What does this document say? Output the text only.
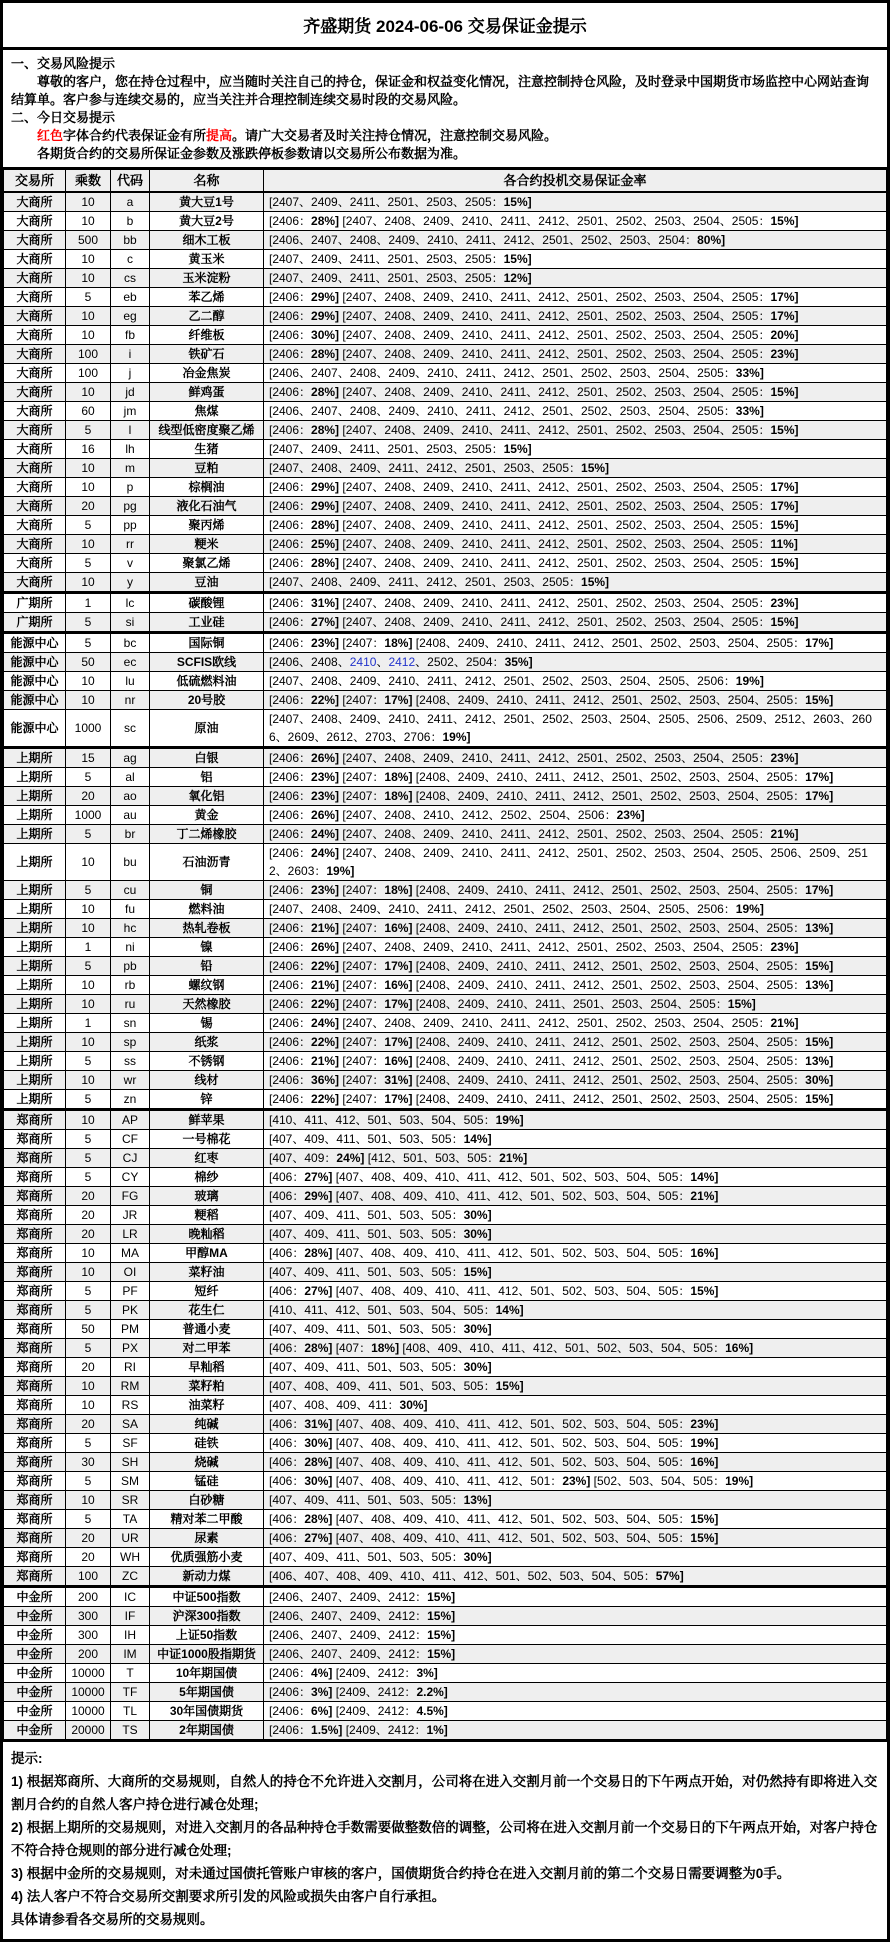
齐盛期货 2024-06-06 交易保证金提示

一、交易风险提示

尊敬的客户，您在持仓过程中，应当随时关注自己的持仓，保证金和权益变化情况，注意控制持仓风险，及时登录中国期货市场监控中心网站查询结算单。客户参与连续交易的，应当关注并合理控制连续交易时段的交易风险。

二、今日交易提示

红色字体合约代表保证金有所提高。请广大交易者及时关注持仓情况，注意控制交易风险。

各期货合约的交易所保证金参数及涨跌停板参数请以交易所公布数据为准。

交易所	乘数	代码	名称	各合约投机交易保证金率
大商所	10	a	黄大豆1号	[2407、2409、2411、2501、2503、2505：15%]
大商所	10	b	黄大豆2号	[2406：28%] [2407、2408、2409、2410、2411、2412、2501、2502、2503、2504、2505：15%]
大商所	500	bb	细木工板	[2406、2407、2408、2409、2410、2411、2412、2501、2502、2503、2504：80%]
大商所	10	c	黄玉米	[2407、2409、2411、2501、2503、2505：15%]
大商所	10	cs	玉米淀粉	[2407、2409、2411、2501、2503、2505：12%]
大商所	5	eb	苯乙烯	[2406：29%] [2407、2408、2409、2410、2411、2412、2501、2502、2503、2504、2505：17%]
大商所	10	eg	乙二醇	[2406：29%] [2407、2408、2409、2410、2411、2412、2501、2502、2503、2504、2505：17%]
大商所	10	fb	纤维板	[2406：30%] [2407、2408、2409、2410、2411、2412、2501、2502、2503、2504、2505：20%]
大商所	100	i	铁矿石	[2406：28%] [2407、2408、2409、2410、2411、2412、2501、2502、2503、2504、2505：23%]
大商所	100	j	冶金焦炭	[2406、2407、2408、2409、2410、2411、2412、2501、2502、2503、2504、2505：33%]
大商所	10	jd	鲜鸡蛋	[2406：28%] [2407、2408、2409、2410、2411、2412、2501、2502、2503、2504、2505：15%]
大商所	60	jm	焦煤	[2406、2407、2408、2409、2410、2411、2412、2501、2502、2503、2504、2505：33%]
大商所	5	l	线型低密度聚乙烯	[2406：28%] [2407、2408、2409、2410、2411、2412、2501、2502、2503、2504、2505：15%]
大商所	16	lh	生猪	[2407、2409、2411、2501、2503、2505：15%]
大商所	10	m	豆粕	[2407、2408、2409、2411、2412、2501、2503、2505：15%]
大商所	10	p	棕榈油	[2406：29%] [2407、2408、2409、2410、2411、2412、2501、2502、2503、2504、2505：17%]
大商所	20	pg	液化石油气	[2406：29%] [2407、2408、2409、2410、2411、2412、2501、2502、2503、2504、2505：17%]
大商所	5	pp	聚丙烯	[2406：28%] [2407、2408、2409、2410、2411、2412、2501、2502、2503、2504、2505：15%]
大商所	10	rr	粳米	[2406：25%] [2407、2408、2409、2410、2411、2412、2501、2502、2503、2504、2505：11%]
大商所	5	v	聚氯乙烯	[2406：28%] [2407、2408、2409、2410、2411、2412、2501、2502、2503、2504、2505：15%]
大商所	10	y	豆油	[2407、2408、2409、2411、2412、2501、2503、2505：15%]
广期所	1	lc	碳酸锂	[2406：31%] [2407、2408、2409、2410、2411、2412、2501、2502、2503、2504、2505：23%]
广期所	5	si	工业硅	[2406：27%] [2407、2408、2409、2410、2411、2412、2501、2502、2503、2504、2505：15%]
能源中心	5	bc	国际铜	[2406：23%] [2407：18%] [2408、2409、2410、2411、2412、2501、2502、2503、2504、2505：17%]
能源中心	50	ec	SCFIS欧线	[2406、2408、2410、2412、2502、2504：35%]
能源中心	10	lu	低硫燃料油	[2407、2408、2409、2410、2411、2412、2501、2502、2503、2504、2505、2506：19%]
能源中心	10	nr	20号胶	[2406：22%] [2407：17%] [2408、2409、2410、2411、2412、2501、2502、2503、2504、2505：15%]
能源中心	1000	sc	原油	[2407、2408、2409、2410、2411、2412、2501、2502、2503、2504、2505、2506、2509、2512、2603、2606、2609、2612、2703、2706：19%]
上期所	15	ag	白银	[2406：26%] [2407、2408、2409、2410、2411、2412、2501、2502、2503、2504、2505：23%]
上期所	5	al	铝	[2406：23%] [2407：18%] [2408、2409、2410、2411、2412、2501、2502、2503、2504、2505：17%]
上期所	20	ao	氧化铝	[2406：23%] [2407：18%] [2408、2409、2410、2411、2412、2501、2502、2503、2504、2505：17%]
上期所	1000	au	黄金	[2406：26%] [2407、2408、2410、2412、2502、2504、2506：23%]
上期所	5	br	丁二烯橡胶	[2406：24%] [2407、2408、2409、2410、2411、2412、2501、2502、2503、2504、2505：21%]
上期所	10	bu	石油沥青	[2406：24%] [2407、2408、2409、2410、2411、2412、2501、2502、2503、2504、2505、2506、2509、2512、2603：19%]
上期所	5	cu	铜	[2406：23%] [2407：18%] [2408、2409、2410、2411、2412、2501、2502、2503、2504、2505：17%]
上期所	10	fu	燃料油	[2407、2408、2409、2410、2411、2412、2501、2502、2503、2504、2505、2506：19%]
上期所	10	hc	热轧卷板	[2406：21%] [2407：16%] [2408、2409、2410、2411、2412、2501、2502、2503、2504、2505：13%]
上期所	1	ni	镍	[2406：26%] [2407、2408、2409、2410、2411、2412、2501、2502、2503、2504、2505：23%]
上期所	5	pb	铅	[2406：22%] [2407：17%] [2408、2409、2410、2411、2412、2501、2502、2503、2504、2505：15%]
上期所	10	rb	螺纹钢	[2406：21%] [2407：16%] [2408、2409、2410、2411、2412、2501、2502、2503、2504、2505：13%]
上期所	10	ru	天然橡胶	[2406：22%] [2407：17%] [2408、2409、2410、2411、2501、2503、2504、2505：15%]
上期所	1	sn	锡	[2406：24%] [2407、2408、2409、2410、2411、2412、2501、2502、2503、2504、2505：21%]
上期所	10	sp	纸浆	[2406：22%] [2407：17%] [2408、2409、2410、2411、2412、2501、2502、2503、2504、2505：15%]
上期所	5	ss	不锈钢	[2406：21%] [2407：16%] [2408、2409、2410、2411、2412、2501、2502、2503、2504、2505：13%]
上期所	10	wr	线材	[2406：36%] [2407：31%] [2408、2409、2410、2411、2412、2501、2502、2503、2504、2505：30%]
上期所	5	zn	锌	[2406：22%] [2407：17%] [2408、2409、2410、2411、2412、2501、2502、2503、2504、2505：15%]
郑商所	10	AP	鲜苹果	[410、411、412、501、503、504、505：19%]
郑商所	5	CF	一号棉花	[407、409、411、501、503、505：14%]
郑商所	5	CJ	红枣	[407、409：24%] [412、501、503、505：21%]
郑商所	5	CY	棉纱	[406：27%] [407、408、409、410、411、412、501、502、503、504、505：14%]
郑商所	20	FG	玻璃	[406：29%] [407、408、409、410、411、412、501、502、503、504、505：21%]
郑商所	20	JR	粳稻	[407、409、411、501、503、505：30%]
郑商所	20	LR	晚籼稻	[407、409、411、501、503、505：30%]
郑商所	10	MA	甲醇MA	[406：28%] [407、408、409、410、411、412、501、502、503、504、505：16%]
郑商所	10	OI	菜籽油	[407、409、411、501、503、505：15%]
郑商所	5	PF	短纤	[406：27%] [407、408、409、410、411、412、501、502、503、504、505：15%]
郑商所	5	PK	花生仁	[410、411、412、501、503、504、505：14%]
郑商所	50	PM	普通小麦	[407、409、411、501、503、505：30%]
郑商所	5	PX	对二甲苯	[406：28%] [407：18%] [408、409、410、411、412、501、502、503、504、505：16%]
郑商所	20	RI	早籼稻	[407、409、411、501、503、505：30%]
郑商所	10	RM	菜籽粕	[407、408、409、411、501、503、505：15%]
郑商所	10	RS	油菜籽	[407、408、409、411：30%]
郑商所	20	SA	纯碱	[406：31%] [407、408、409、410、411、412、501、502、503、504、505：23%]
郑商所	5	SF	硅铁	[406：30%] [407、408、409、410、411、412、501、502、503、504、505：19%]
郑商所	30	SH	烧碱	[406：28%] [407、408、409、410、411、412、501、502、503、504、505：16%]
郑商所	5	SM	锰硅	[406：30%] [407、408、409、410、411、412、501：23%] [502、503、504、505：19%]
郑商所	10	SR	白砂糖	[407、409、411、501、503、505：13%]
郑商所	5	TA	精对苯二甲酸	[406：28%] [407、408、409、410、411、412、501、502、503、504、505：15%]
郑商所	20	UR	尿素	[406：27%] [407、408、409、410、411、412、501、502、503、504、505：15%]
郑商所	20	WH	优质强筋小麦	[407、409、411、501、503、505：30%]
郑商所	100	ZC	新动力煤	[406、407、408、409、410、411、412、501、502、503、504、505：57%]
中金所	200	IC	中证500指数	[2406、2407、2409、2412：15%]
中金所	300	IF	沪深300指数	[2406、2407、2409、2412：15%]
中金所	300	IH	上证50指数	[2406、2407、2409、2412：15%]
中金所	200	IM	中证1000股指期货	[2406、2407、2409、2412：15%]
中金所	10000	T	10年期国债	[2406：4%] [2409、2412：3%]
中金所	10000	TF	5年期国债	[2406：3%] [2409、2412：2.2%]
中金所	10000	TL	30年国债期货	[2406：6%] [2409、2412：4.5%]
中金所	20000	TS	2年期国债	[2406：1.5%] [2409、2412：1%]

提示:

1) 根据郑商所、大商所的交易规则，自然人的持仓不允许进入交割月，公司将在进入交割月前一个交易日的下午两点开始，对仍然持有即将进入交割月合约的自然人客户持仓进行减仓处理;

2) 根据上期所的交易规则，对进入交割月的各品种持仓手数需要做整数倍的调整，公司将在进入交割月前一个交易日的下午两点开始，对客户持仓不符合持仓规则的部分进行减仓处理;

3) 根据中金所的交易规则，对未通过国债托管账户审核的客户，国债期货合约持仓在进入交割月前的第二个交易日需要调整为0手。

4) 法人客户不符合交易所交割要求所引发的风险或损失由客户自行承担。

具体请参看各交易所的交易规则。
